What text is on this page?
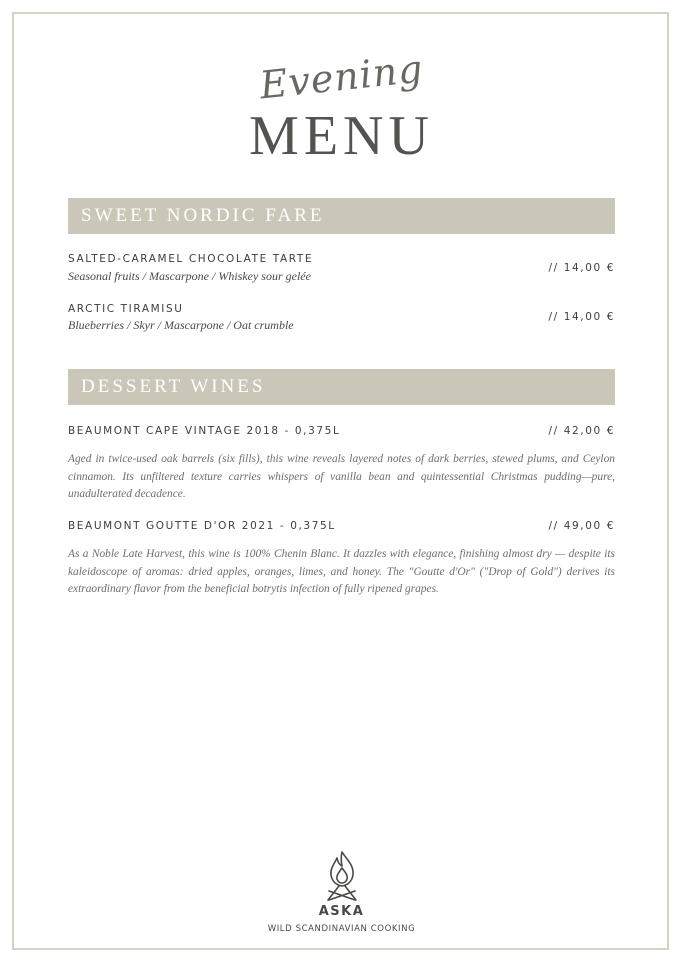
Evening
MENU
SWEET NORDIC FARE
SALTED-CARAMEL CHOCOLATE TARTE
Seasonal fruits / Mascarpone / Whiskey sour gelée
// 14,00 €
ARCTIC TIRAMISU
Blueberries / Skyr / Mascarpone / Oat crumble
// 14,00 €
DESSERT WINES
BEAUMONT CAPE VINTAGE 2018 - 0,375L	// 42,00 €
Aged in twice-used oak barrels (six fills), this wine reveals layered notes of dark berries, stewed plums, and Ceylon cinnamon. Its unfiltered texture carries whispers of vanilla bean and quintessential Christmas pudding—pure, unadulterated decadence.
BEAUMONT GOUTTE D'OR 2021 - 0,375L	// 49,00 €
As a Noble Late Harvest, this wine is 100% Chenin Blanc. It dazzles with elegance, finishing almost dry — despite its kaleidoscope of aromas: dried apples, oranges, limes, and honey. The "Goutte d'Or" ("Drop of Gold") derives its extraordinary flavor from the beneficial botrytis infection of fully ripened grapes.
ASKA
WILD SCANDINAVIAN COOKING
